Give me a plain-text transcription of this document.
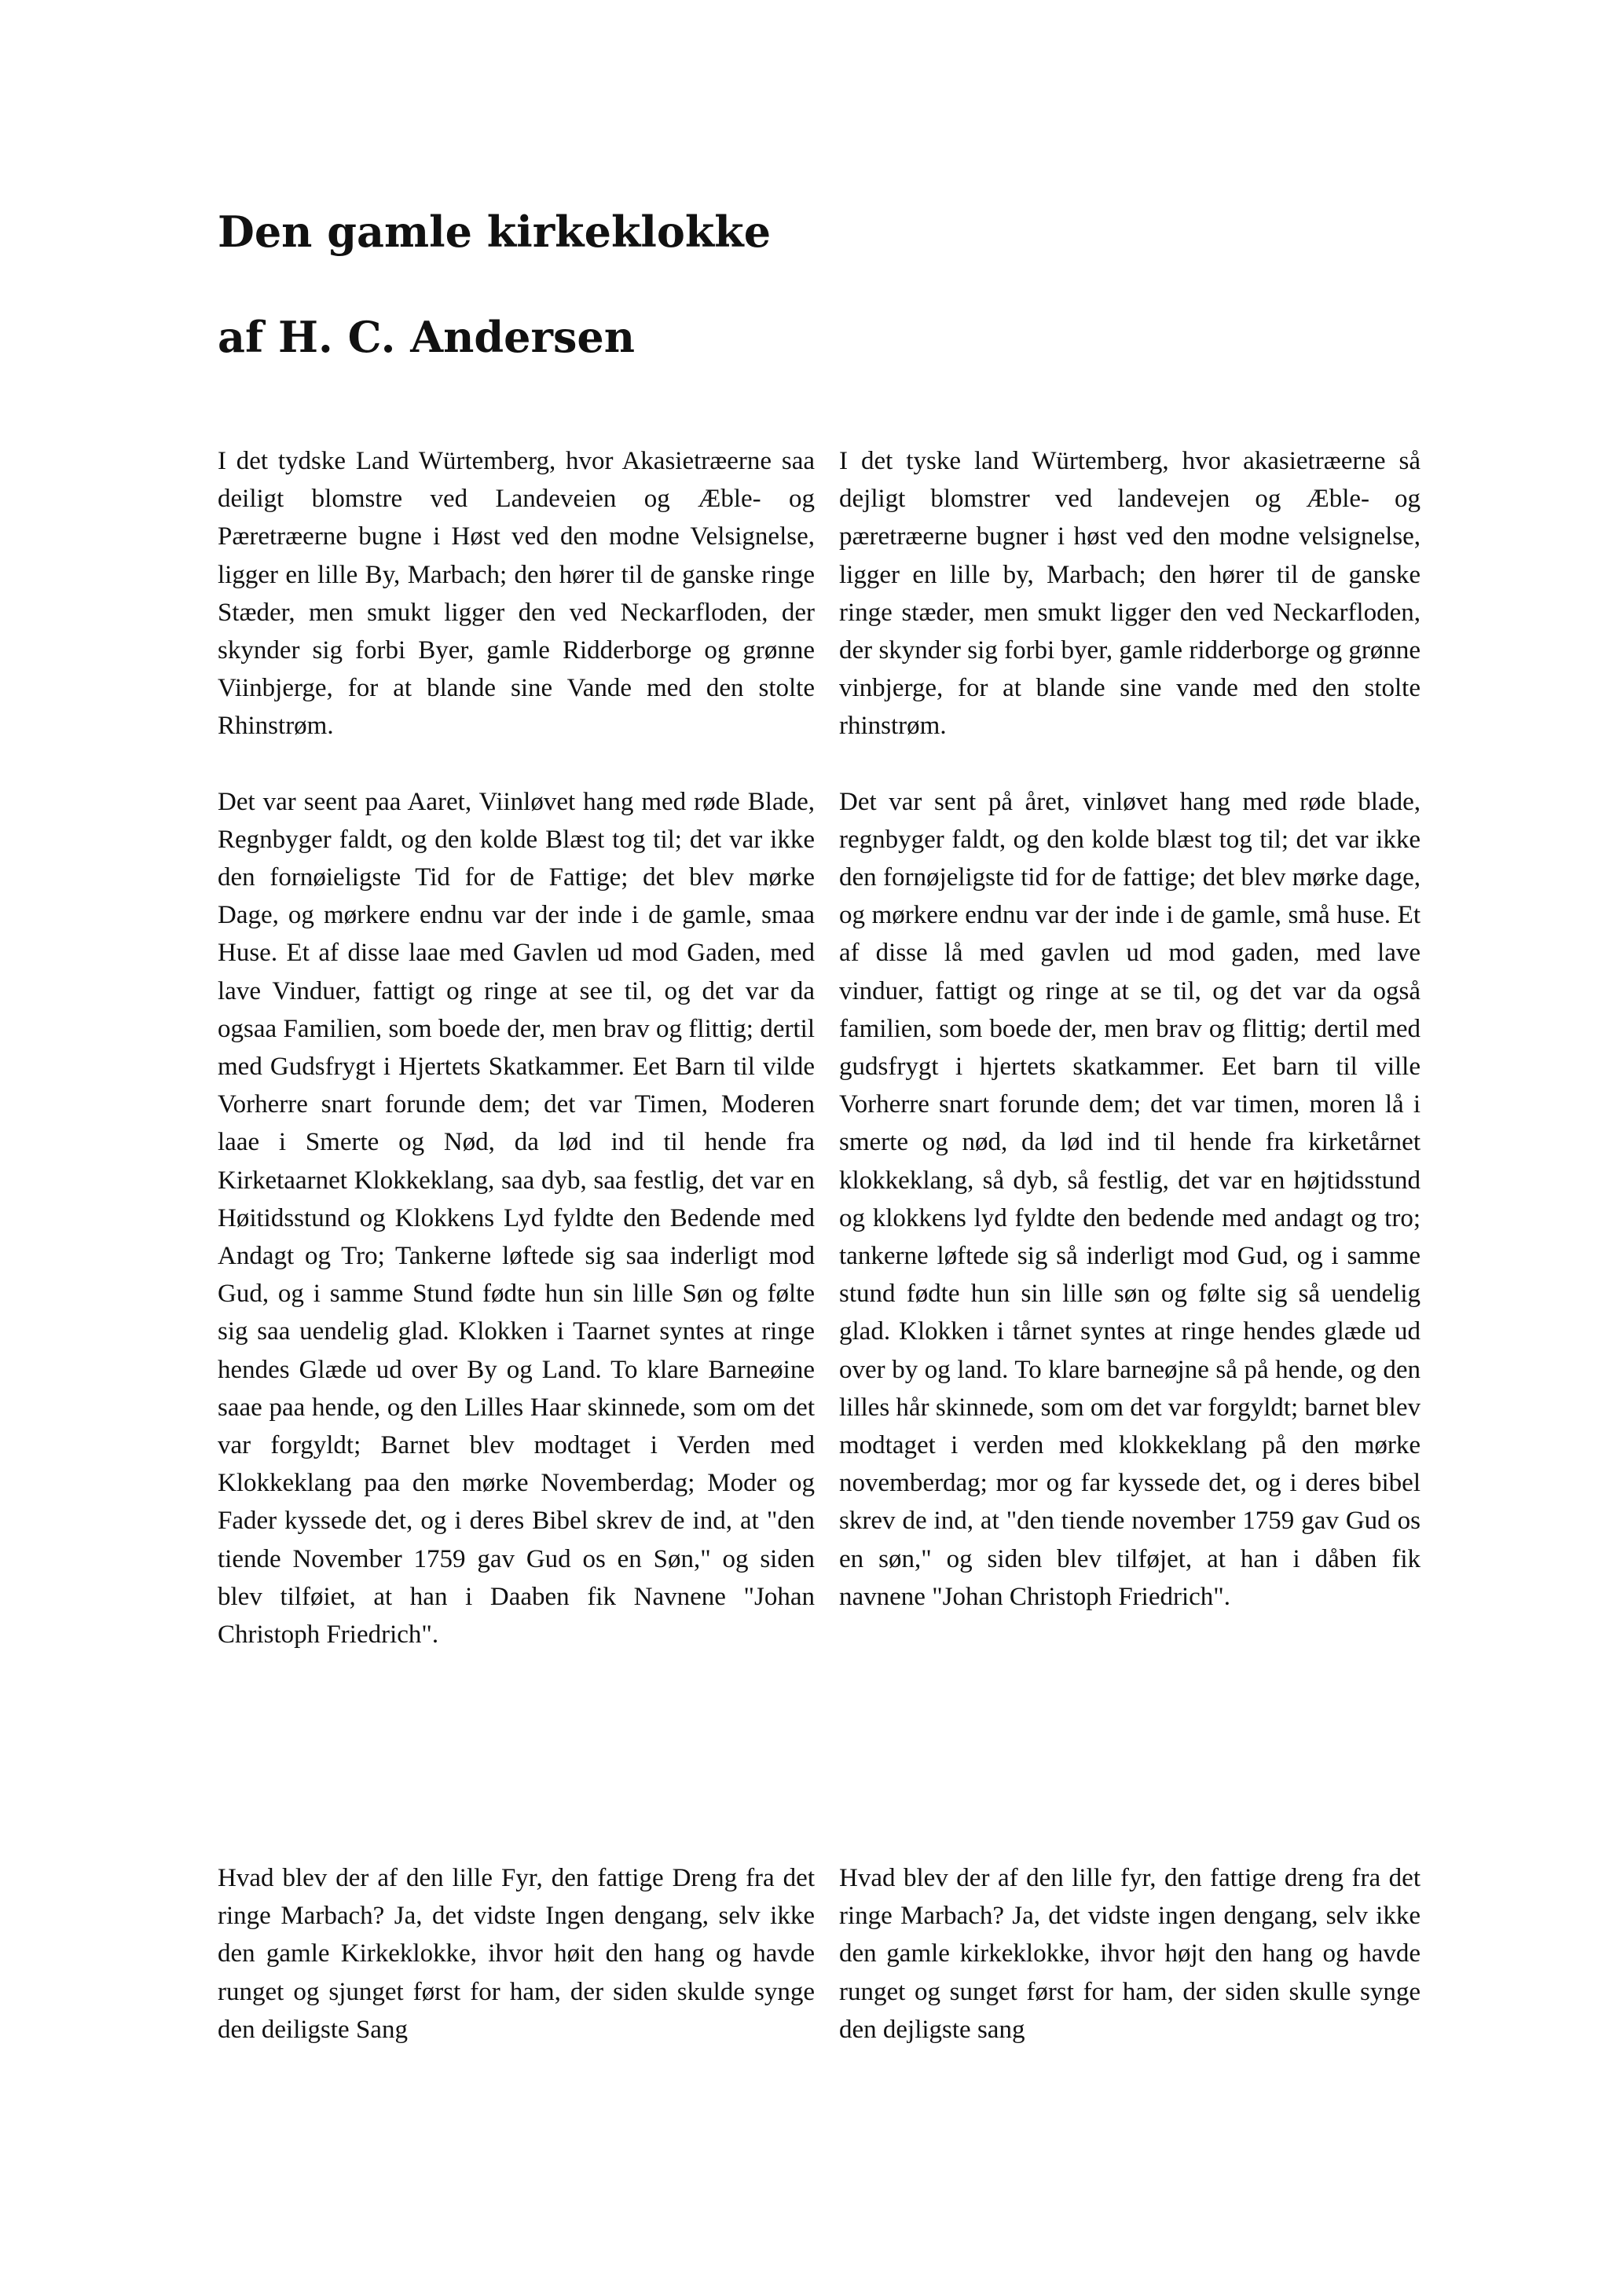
Den gamle kirkeklokke
af H. C. Andersen

I det tydske Land Würtemberg, hvor Akasietræerne saa deiligt blomstre ved Landeveien og Æble- og Pæretræerne bugne i Høst ved den modne Velsignelse, ligger en lille By, Marbach; den hører til de ganske ringe Stæder, men smukt ligger den ved Neckarfloden, der skynder sig forbi Byer, gamle Ridderborge og grønne Viinbjerge, for at blande sine Vande med den stolte Rhinstrøm.

Det var seent paa Aaret, Viinløvet hang med røde Blade, Regnbyger faldt, og den kolde Blæst tog til; det var ikke den fornøieligste Tid for de Fattige; det blev mørke Dage, og mørkere endnu var der inde i de gamle, smaa Huse. Et af disse laae med Gavlen ud mod Gaden, med lave Vinduer, fattigt og ringe at see til, og det var da ogsaa Familien, som boede der, men brav og flittig; dertil med Gudsfrygt i Hjertets Skatkammer. Eet Barn til vilde Vorherre snart forunde dem; det var Timen, Moderen laae i Smerte og Nød, da lød ind til hende fra Kirketaarnet Klokkeklang, saa dyb, saa festlig, det var en Høitidsstund og Klokkens Lyd fyldte den Bedende med Andagt og Tro; Tankerne løftede sig saa inderligt mod Gud, og i samme Stund fødte hun sin lille Søn og følte sig saa uendelig glad. Klokken i Taarnet syntes at ringe hendes Glæde ud over By og Land. To klare Barneøine saae paa hende, og den Lilles Haar skinnede, som om det var forgyldt; Barnet blev modtaget i Verden med Klokkeklang paa den mørke Novemberdag; Moder og Fader kyssede det, og i deres Bibel skrev de ind, at "den tiende November 1759 gav Gud os en Søn," og siden blev tilføiet, at han i Daaben fik Navnene "Johan Christoph Friedrich".

Hvad blev der af den lille Fyr, den fattige Dreng fra det ringe Marbach? Ja, det vidste Ingen dengang, selv ikke den gamle Kirkeklokke, ihvor høit den hang og havde runget og sjunget først for ham, der siden skulde synge den deiligste Sang

I det tyske land Würtemberg, hvor akasietræerne så dejligt blomstrer ved landevejen og Æble- og pæretræerne bugner i høst ved den modne velsignelse, ligger en lille by, Marbach; den hører til de ganske ringe stæder, men smukt ligger den ved Neckarfloden, der skynder sig forbi byer, gamle ridderborge og grønne vinbjerge, for at blande sine vande med den stolte rhinstrøm.

Det var sent på året, vinløvet hang med røde blade, regnbyger faldt, og den kolde blæst tog til; det var ikke den fornøjeligste tid for de fattige; det blev mørke dage, og mørkere endnu var der inde i de gamle, små huse. Et af disse lå med gavlen ud mod gaden, med lave vinduer, fattigt og ringe at se til, og det var da også familien, som boede der, men brav og flittig; dertil med gudsfrygt i hjertets skatkammer. Eet barn til ville Vorherre snart forunde dem; det var timen, moren lå i smerte og nød, da lød ind til hende fra kirketårnet klokkeklang, så dyb, så festlig, det var en højtidsstund og klokkens lyd fyldte den bedende med andagt og tro; tankerne løftede sig så inderligt mod Gud, og i samme stund fødte hun sin lille søn og følte sig så uendelig glad. Klokken i tårnet syntes at ringe hendes glæde ud over by og land. To klare barneøjne så på hende, og den lilles hår skinnede, som om det var forgyldt; barnet blev modtaget i verden med klokkeklang på den mørke novemberdag; mor og far kyssede det, og i deres bibel skrev de ind, at "den tiende november 1759 gav Gud os en søn," og siden blev tilføjet, at han i dåben fik navnene "Johan Christoph Friedrich".

Hvad blev der af den lille fyr, den fattige dreng fra det ringe Marbach? Ja, det vidste ingen dengang, selv ikke den gamle kirkeklokke, ihvor højt den hang og havde runget og sunget først for ham, der siden skulle synge den dejligste sang
